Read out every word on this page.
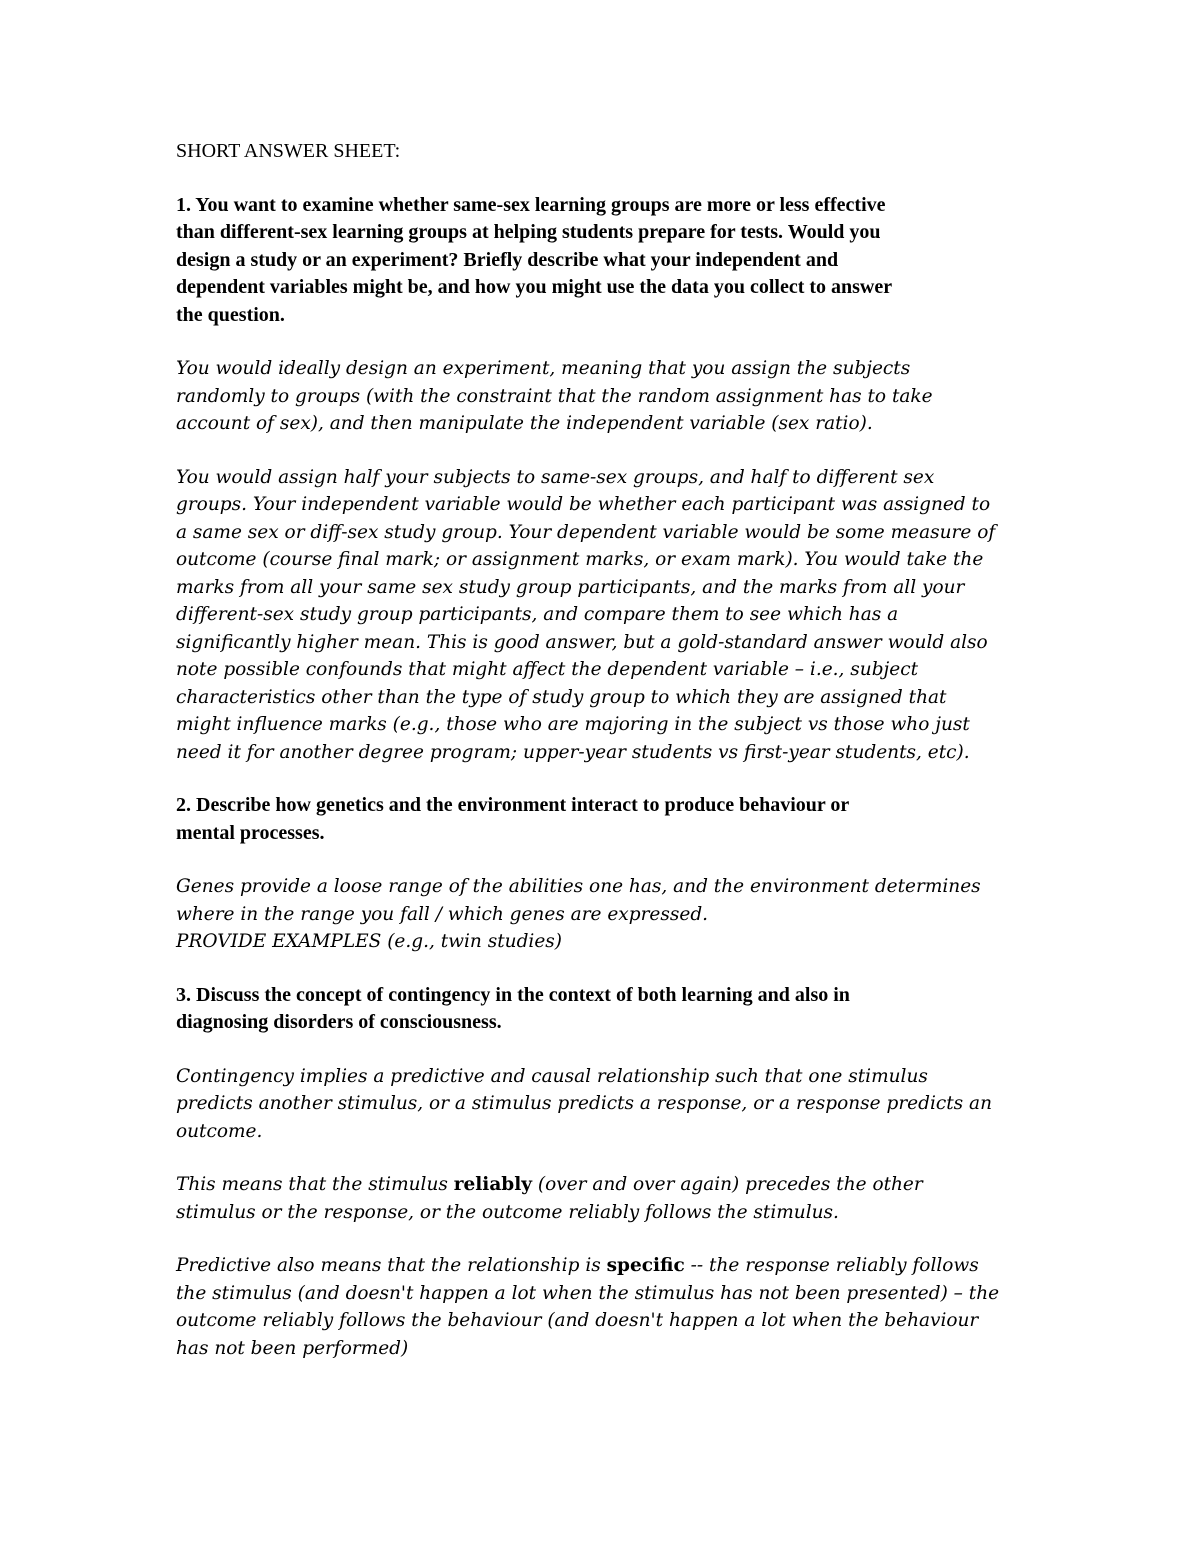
SHORT ANSWER SHEET:
1. You want to examine whether same-sex learning groups are more or less effective
than different-sex learning groups at helping students prepare for tests. Would you
design a study or an experiment? Briefly describe what your independent and
dependent variables might be, and how you might use the data you collect to answer
the question.
You would ideally design an experiment, meaning that you assign the subjects
randomly to groups (with the constraint that the random assignment has to take
account of sex), and then manipulate the independent variable (sex ratio).
You would assign half your subjects to same-sex groups, and half to different sex
groups. Your independent variable would be whether each participant was assigned to
a same sex or diff-sex study group. Your dependent variable would be some measure of
outcome (course final mark; or assignment marks, or exam mark). You would take the
marks from all your same sex study group participants, and the marks from all your
different-sex study group participants, and compare them to see which has a
significantly higher mean. This is good answer, but a gold-standard answer would also
note possible confounds that might affect the dependent variable – i.e., subject
characteristics other than the type of study group to which they are assigned that
might influence marks (e.g., those who are majoring in the subject vs those who just
need it for another degree program; upper-year students vs first-year students, etc).
2. Describe how genetics and the environment interact to produce behaviour or
mental processes.
Genes provide a loose range of the abilities one has, and the environment determines
where in the range you fall / which genes are expressed.
PROVIDE EXAMPLES (e.g., twin studies)
3. Discuss the concept of contingency in the context of both learning and also in
diagnosing disorders of consciousness.
Contingency implies a predictive and causal relationship such that one stimulus
predicts another stimulus, or a stimulus predicts a response, or a response predicts an
outcome.
This means that the stimulus reliably (over and over again) precedes the other
stimulus or the response, or the outcome reliably follows the stimulus.
Predictive also means that the relationship is specific -- the response reliably follows
the stimulus (and doesn't happen a lot when the stimulus has not been presented) – the
outcome reliably follows the behaviour (and doesn't happen a lot when the behaviour
has not been performed)
